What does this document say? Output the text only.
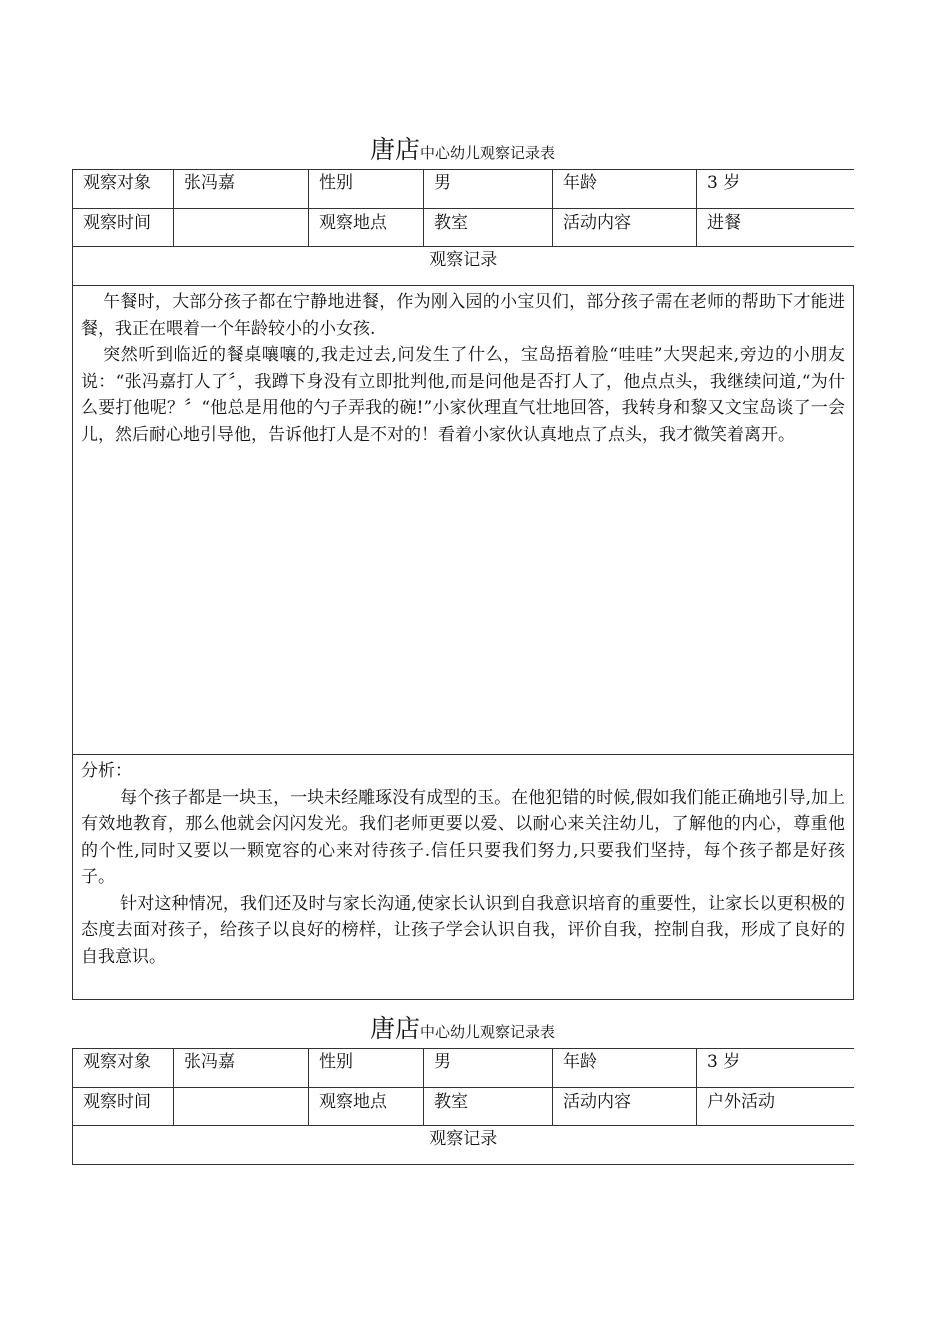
唐店中心幼儿观察记录表
观察对象	张冯嘉	性别	男	年龄	3 岁
观察时间		观察地点	教室	活动内容	进餐
观察记录					

午餐时，大部分孩子都在宁静地进餐，作为刚入园的小宝贝们，部分孩子需在老师的帮助下才能进餐，我正在喂着一个年龄较小的小女孩.

突然听到临近的餐桌嚷嚷的,我走过去,问发生了什么，宝岛捂着脸“哇哇”大哭起来,旁边的小朋友说：“张冯嘉打人了〞，我蹲下身没有立即批判他,而是问他是否打人了，他点点头，我继续问道,“为什么要打他呢？〞“他总是用他的勺子弄我的碗!”小家伙理直气壮地回答，我转身和黎又文宝岛谈了一会儿，然后耐心地引导他，告诉他打人是不对的！看着小家伙认真地点了点头，我才微笑着离开。					

分析：

每个孩子都是一块玉，一块未经雕琢没有成型的玉。在他犯错的时候,假如我们能正确地引导,加上有效地教育，那么他就会闪闪发光。我们老师更要以爱、以耐心来关注幼儿，了解他的内心，尊重他的个性,同时又要以一颗宽容的心来对待孩子.信任只要我们努力,只要我们坚持，每个孩子都是好孩子。

针对这种情况，我们还及时与家长沟通,使家长认识到自我意识培育的重要性，让家长以更积极的态度去面对孩子，给孩子以良好的榜样，让孩子学会认识自我，评价自我，控制自我，形成了良好的自我意识。					

唐店中心幼儿观察记录表
观察对象	张冯嘉	性别	男	年龄	3 岁
观察时间		观察地点	教室	活动内容	户外活动
观察记录					
